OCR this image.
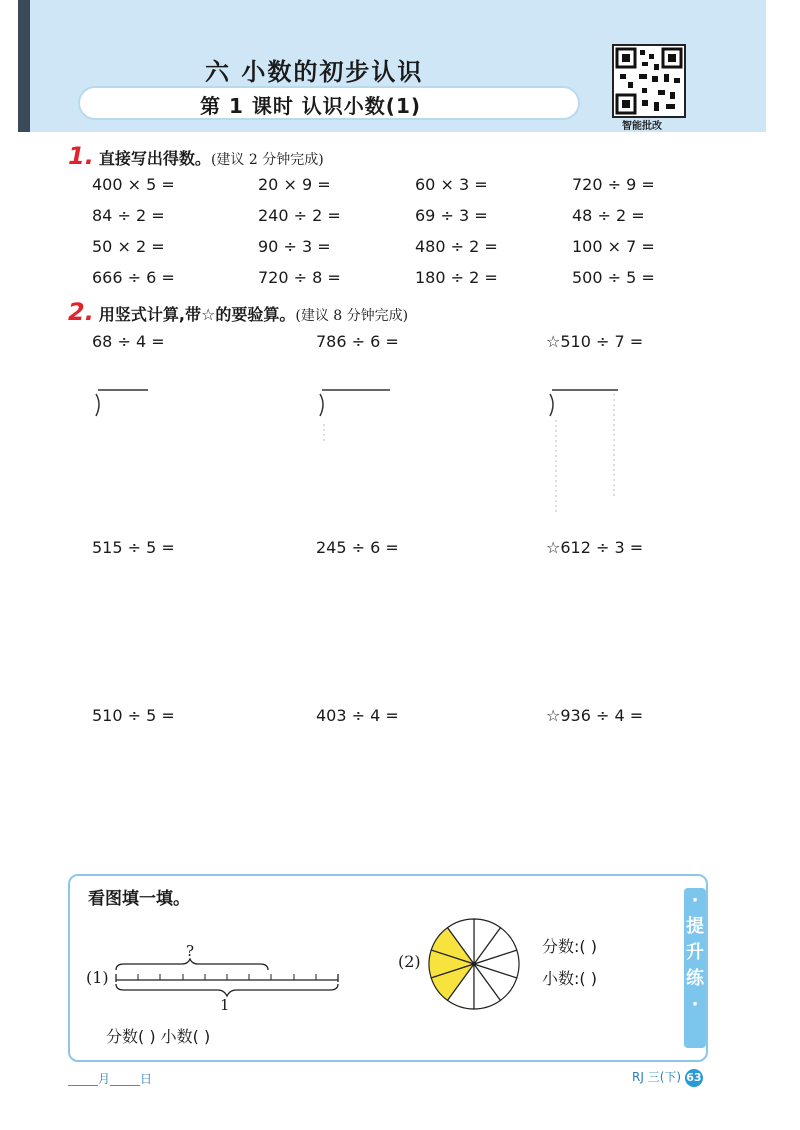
六 小数的初步认识
第 1 课时 认识小数(1)
智能批改
1. 直接写出得数。(建议 2 分钟完成)
400 × 5 =	20 × 9 =	60 × 3 =	720 ÷ 9 =
84 ÷ 2 =	240 ÷ 2 =	69 ÷ 3 =	48 ÷ 2 =
50 × 2 =	90 ÷ 3 =	480 ÷ 2 =	100 × 7 =
666 ÷ 6 =	720 ÷ 8 =	180 ÷ 2 =	500 ÷ 5 =
2. 用竖式计算,带☆的要验算。(建议 8 分钟完成)
68 ÷ 4 =	786 ÷ 6 =	☆510 ÷ 7 =
515 ÷ 5 =	245 ÷ 6 =	☆612 ÷ 3 =
510 ÷ 5 =	403 ÷ 4 =	☆936 ÷ 4 =
·
提
升
练
·
看图填一填。
(1)
?
1
分数( ) 小数( )
(2)
分数:( )
小数:( )
_____月_____日	RJ 三(下) 63
